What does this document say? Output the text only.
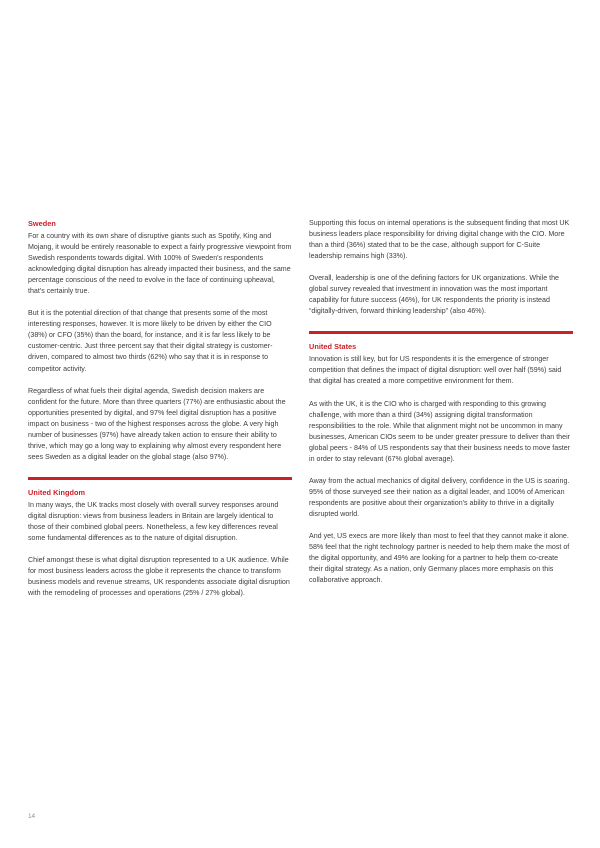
Sweden

For a country with its own share of disruptive giants such as Spotify, King and Mojang, it would be entirely reasonable to expect a fairly progressive viewpoint from Swedish respondents towards digital. With 100% of Sweden's respondents acknowledging digital disruption has already impacted their business, and the same percentage conscious of the need to evolve in the face of continuing upheaval, that's certainly true.

But it is the potential direction of that change that presents some of the most interesting responses, however. It is more likely to be driven by either the CIO (38%) or CFO (35%) than the board, for instance, and it is far less likely to be customer-centric. Just three percent say that their digital strategy is customer-driven, compared to almost two thirds (62%) who say that it is in response to competitor activity.

Regardless of what fuels their digital agenda, Swedish decision makers are confident for the future. More than three quarters (77%) are enthusiastic about the opportunities presented by digital, and 97% feel digital disruption has a positive impact on business - two of the highest responses across the globe. A very high number of businesses (97%) have already taken action to ensure their ability to thrive, which may go a long way to explaining why almost every respondent here sees Sweden as a digital leader on the global stage (also 97%).

United Kingdom

In many ways, the UK tracks most closely with overall survey responses around digital disruption: views from business leaders in Britain are largely identical to those of their combined global peers. Nonetheless, a few key differences reveal some fundamental differences as to the nature of digital disruption.

Chief amongst these is what digital disruption represented to a UK audience. While for most business leaders across the globe it represents the chance to transform business models and revenue streams, UK respondents associate digital disruption with the remodeling of processes and operations (25% / 27% global).

Supporting this focus on internal operations is the subsequent finding that most UK business leaders place responsibility for driving digital change with the CIO. More than a third (36%) stated that to be the case, although support for C-Suite leadership remains high (33%).

Overall, leadership is one of the defining factors for UK organizations. While the global survey revealed that investment in innovation was the most important capability for future success (46%), for UK respondents the priority is instead “digitally-driven, forward thinking leadership” (also 46%).

United States

Innovation is still key, but for US respondents it is the emergence of stronger competition that defines the impact of digital disruption: well over half (59%) said that digital has created a more competitive environment for them.

As with the UK, it is the CIO who is charged with responding to this growing challenge, with more than a third (34%) assigning digital transformation responsibilities to the role. While that alignment might not be uncommon in many businesses, American CIOs seem to be under greater pressure to deliver than their global peers - 84% of US respondents say that their business needs to move faster in order to stay relevant (67% global average).

Away from the actual mechanics of digital delivery, confidence in the US is soaring. 95% of those surveyed see their nation as a digital leader, and 100% of American respondents are positive about their organization's ability to thrive in a digitally disrupted world.

And yet, US execs are more likely than most to feel that they cannot make it alone. 58% feel that the right technology partner is needed to help them make the most of the digital opportunity, and 49% are looking for a partner to help them co-create their digital strategy. As a nation, only Germany places more emphasis on this collaborative approach.

14
